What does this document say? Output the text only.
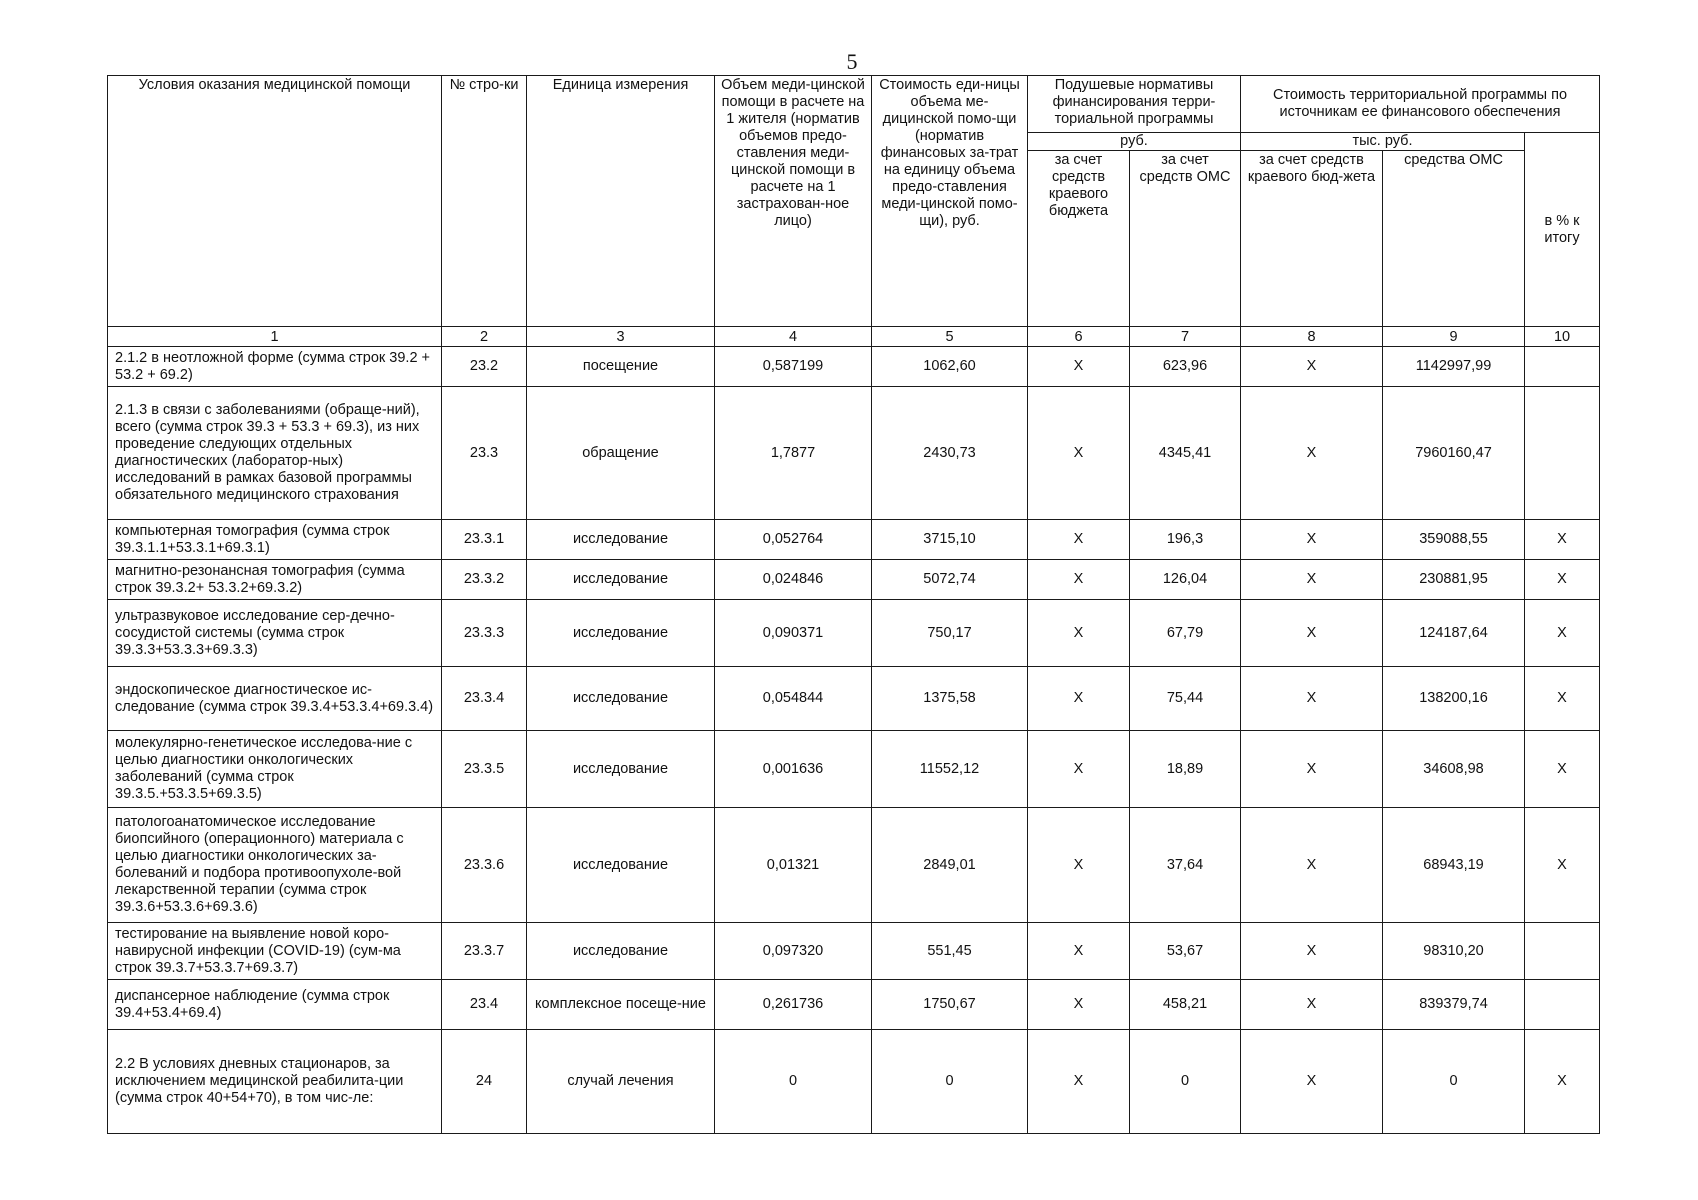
5
Условия оказания медицинской помощи	№ стро-ки	Единица измерения	Объем меди-цинской помощи в расчете на 1 жителя (норматив объемов предо-ставления меди-цинской помощи в расчете на 1 застрахован-ное лицо)	Стоимость еди-ницы объема ме-дицинской помо-щи (норматив финансовых за-трат на единицу объема предо-ставления меди-цинской помо-щи), руб.	Подушевые нормативы финансирования терри-ториальной программы		Стоимость территориальной программы по источникам ее финансового обеспечения		
					руб.		тыс. руб.		в % к итогу
					за счет средств краевого бюджета	за счет средств ОМС	за счет средств краевого бюд-жета	средства ОМС	
1	2	3	4	5	6	7	8	9	10
2.1.2 в неотложной форме (сумма строк 39.2 + 53.2 + 69.2)	23.2	посещение	0,587199	1062,60	X	623,96	X	1142997,99	
2.1.3 в связи с заболеваниями (обраще-ний), всего (сумма строк 39.3 + 53.3 + 69.3), из них проведение следующих отдельных диагностических (лаборатор-ных) исследований в рамках базовой программы обязательного медицинского страхования	23.3	обращение	1,7877	2430,73	X	4345,41	X	7960160,47	
компьютерная томография (сумма строк 39.3.1.1+53.3.1+69.3.1)	23.3.1	исследование	0,052764	3715,10	X	196,3	X	359088,55	X
магнитно-резонансная томография (сумма строк 39.3.2+ 53.3.2+69.3.2)	23.3.2	исследование	0,024846	5072,74	X	126,04	X	230881,95	X
ультразвуковое исследование сер-дечно-сосудистой системы (сумма строк 39.3.3+53.3.3+69.3.3)	23.3.3	исследование	0,090371	750,17	X	67,79	X	124187,64	X
эндоскопическое диагностическое ис-следование (сумма строк 39.3.4+53.3.4+69.3.4)	23.3.4	исследование	0,054844	1375,58	X	75,44	X	138200,16	X
молекулярно-генетическое исследова-ние с целью диагностики онкологических заболеваний (сумма строк 39.3.5.+53.3.5+69.3.5)	23.3.5	исследование	0,001636	11552,12	X	18,89	X	34608,98	X
патологоанатомическое исследование биопсийного (операционного) материала с целью диагностики онкологических за-болеваний и подбора противоопухоле-вой лекарственной терапии (сумма строк 39.3.6+53.3.6+69.3.6)	23.3.6	исследование	0,01321	2849,01	X	37,64	X	68943,19	X
тестирование на выявление новой коро-навирусной инфекции (COVID-19) (сум-ма строк 39.3.7+53.3.7+69.3.7)	23.3.7	исследование	0,097320	551,45	X	53,67	X	98310,20	
диспансерное наблюдение (сумма строк 39.4+53.4+69.4)	23.4	комплексное посеще-ние	0,261736	1750,67	X	458,21	X	839379,74	
2.2 В условиях дневных стационаров, за исключением медицинской реабилита-ции (сумма строк 40+54+70), в том чис-ле:	24	случай лечения	0	0	X	0	X	0	X
